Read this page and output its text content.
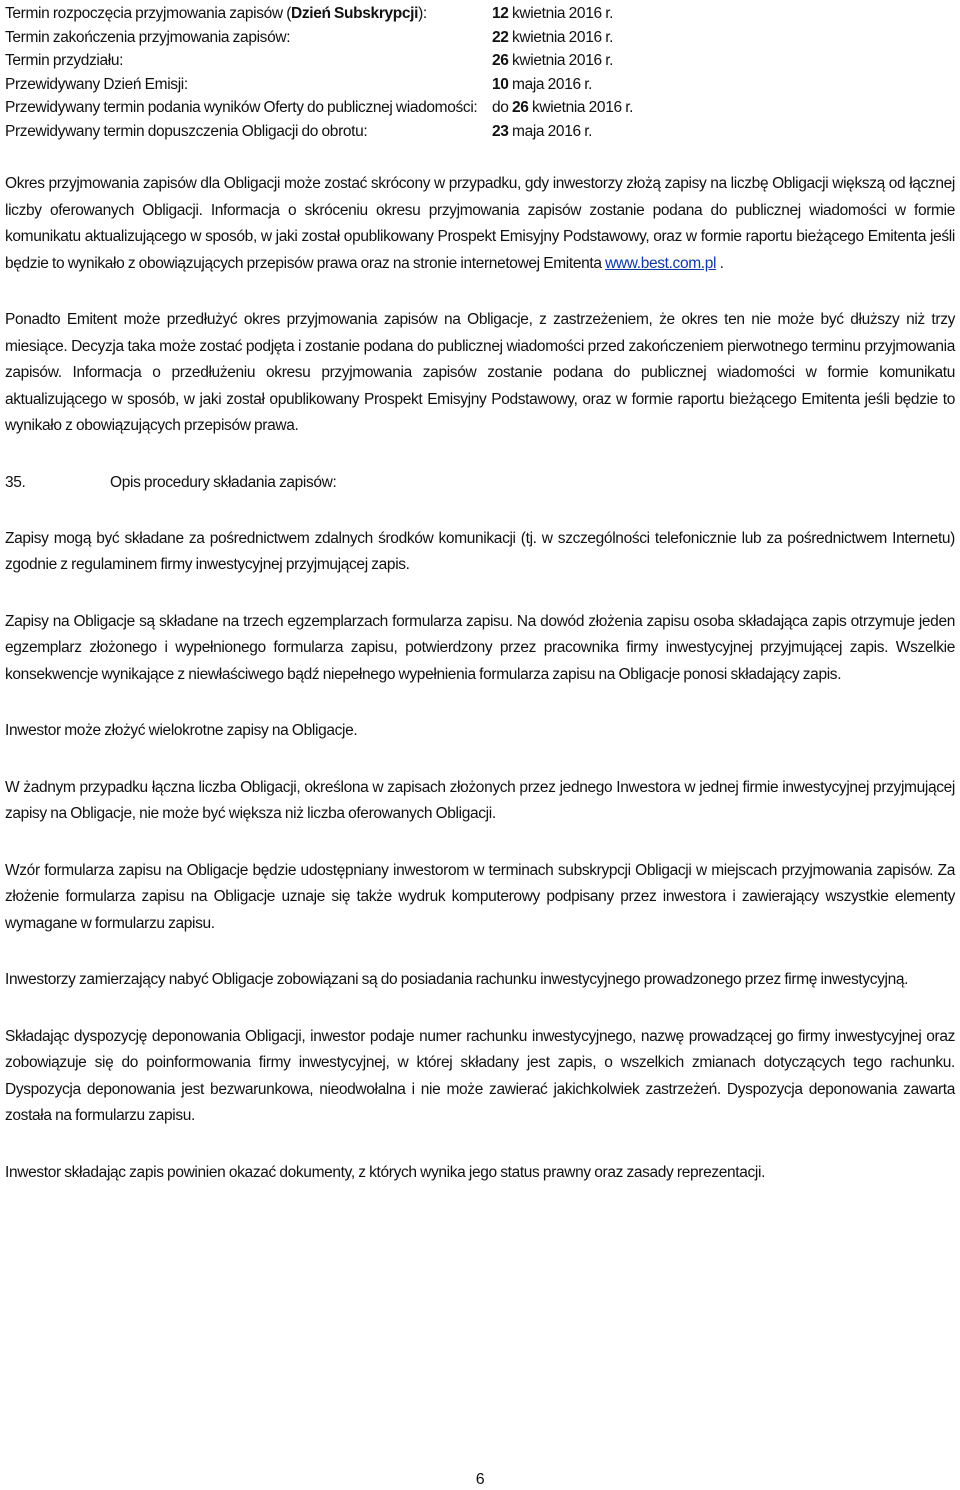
Termin rozpoczęcia przyjmowania zapisów (Dzień Subskrypcji):	12 kwietnia 2016 r.
Termin zakończenia przyjmowania zapisów:	22 kwietnia 2016 r.
Termin przydziału:	26 kwietnia 2016 r.
Przewidywany Dzień Emisji:	10 maja 2016 r.
Przewidywany termin podania wyników Oferty do publicznej wiadomości:	do 26 kwietnia 2016 r.
Przewidywany termin dopuszczenia Obligacji do obrotu:	23 maja 2016 r.

Okres przyjmowania zapisów dla Obligacji może zostać skrócony w przypadku, gdy inwestorzy złożą zapisy na liczbę Obligacji większą od łącznej liczby oferowanych Obligacji. Informacja o skróceniu okresu przyjmowania zapisów zostanie podana do publicznej wiadomości w formie komunikatu aktualizującego w sposób, w jaki został opublikowany Prospekt Emisyjny Podstawowy, oraz w formie raportu bieżącego Emitenta jeśli będzie to wynikało z obowiązujących przepisów prawa oraz na stronie internetowej Emitenta www.best.com.pl .

Ponadto Emitent może przedłużyć okres przyjmowania zapisów na Obligacje, z zastrzeżeniem, że okres ten nie może być dłuższy niż trzy miesiące. Decyzja taka może zostać podjęta i zostanie podana do publicznej wiadomości przed zakończeniem pierwotnego terminu przyjmowania zapisów. Informacja o przedłużeniu okresu przyjmowania zapisów zostanie podana do publicznej wiadomości w formie komunikatu aktualizującego w sposób, w jaki został opublikowany Prospekt Emisyjny Podstawowy, oraz w formie raportu bieżącego Emitenta jeśli będzie to wynikało z obowiązujących przepisów prawa.

35.	Opis procedury składania zapisów:

Zapisy mogą być składane za pośrednictwem zdalnych środków komunikacji (tj. w szczególności telefonicznie lub za pośrednictwem Internetu) zgodnie z regulaminem firmy inwestycyjnej przyjmującej zapis.

Zapisy na Obligacje są składane na trzech egzemplarzach formularza zapisu. Na dowód złożenia zapisu osoba składająca zapis otrzymuje jeden egzemplarz złożonego i wypełnionego formularza zapisu, potwierdzony przez pracownika firmy inwestycyjnej przyjmującej zapis. Wszelkie konsekwencje wynikające z niewłaściwego bądź niepełnego wypełnienia formularza zapisu na Obligacje ponosi składający zapis.

Inwestor może złożyć wielokrotne zapisy na Obligacje.

W żadnym przypadku łączna liczba Obligacji, określona w zapisach złożonych przez jednego Inwestora w jednej firmie inwestycyjnej przyjmującej zapisy na Obligacje, nie może być większa niż liczba oferowanych Obligacji.

Wzór formularza zapisu na Obligacje będzie udostępniany inwestorom w terminach subskrypcji Obligacji w miejscach przyjmowania zapisów. Za złożenie formularza zapisu na Obligacje uznaje się także wydruk komputerowy podpisany przez inwestora i zawierający wszystkie elementy wymagane w formularzu zapisu.

Inwestorzy zamierzający nabyć Obligacje zobowiązani są do posiadania rachunku inwestycyjnego prowadzonego przez firmę inwestycyjną.

Składając dyspozycję deponowania Obligacji, inwestor podaje numer rachunku inwestycyjnego, nazwę prowadzącej go firmy inwestycyjnej oraz zobowiązuje się do poinformowania firmy inwestycyjnej, w której składany jest zapis, o wszelkich zmianach dotyczących tego rachunku. Dyspozycja deponowania jest bezwarunkowa, nieodwołalna i nie może zawierać jakichkolwiek zastrzeżeń. Dyspozycja deponowania zawarta została na formularzu zapisu.

Inwestor składając zapis powinien okazać dokumenty, z których wynika jego status prawny oraz zasady reprezentacji.

6
